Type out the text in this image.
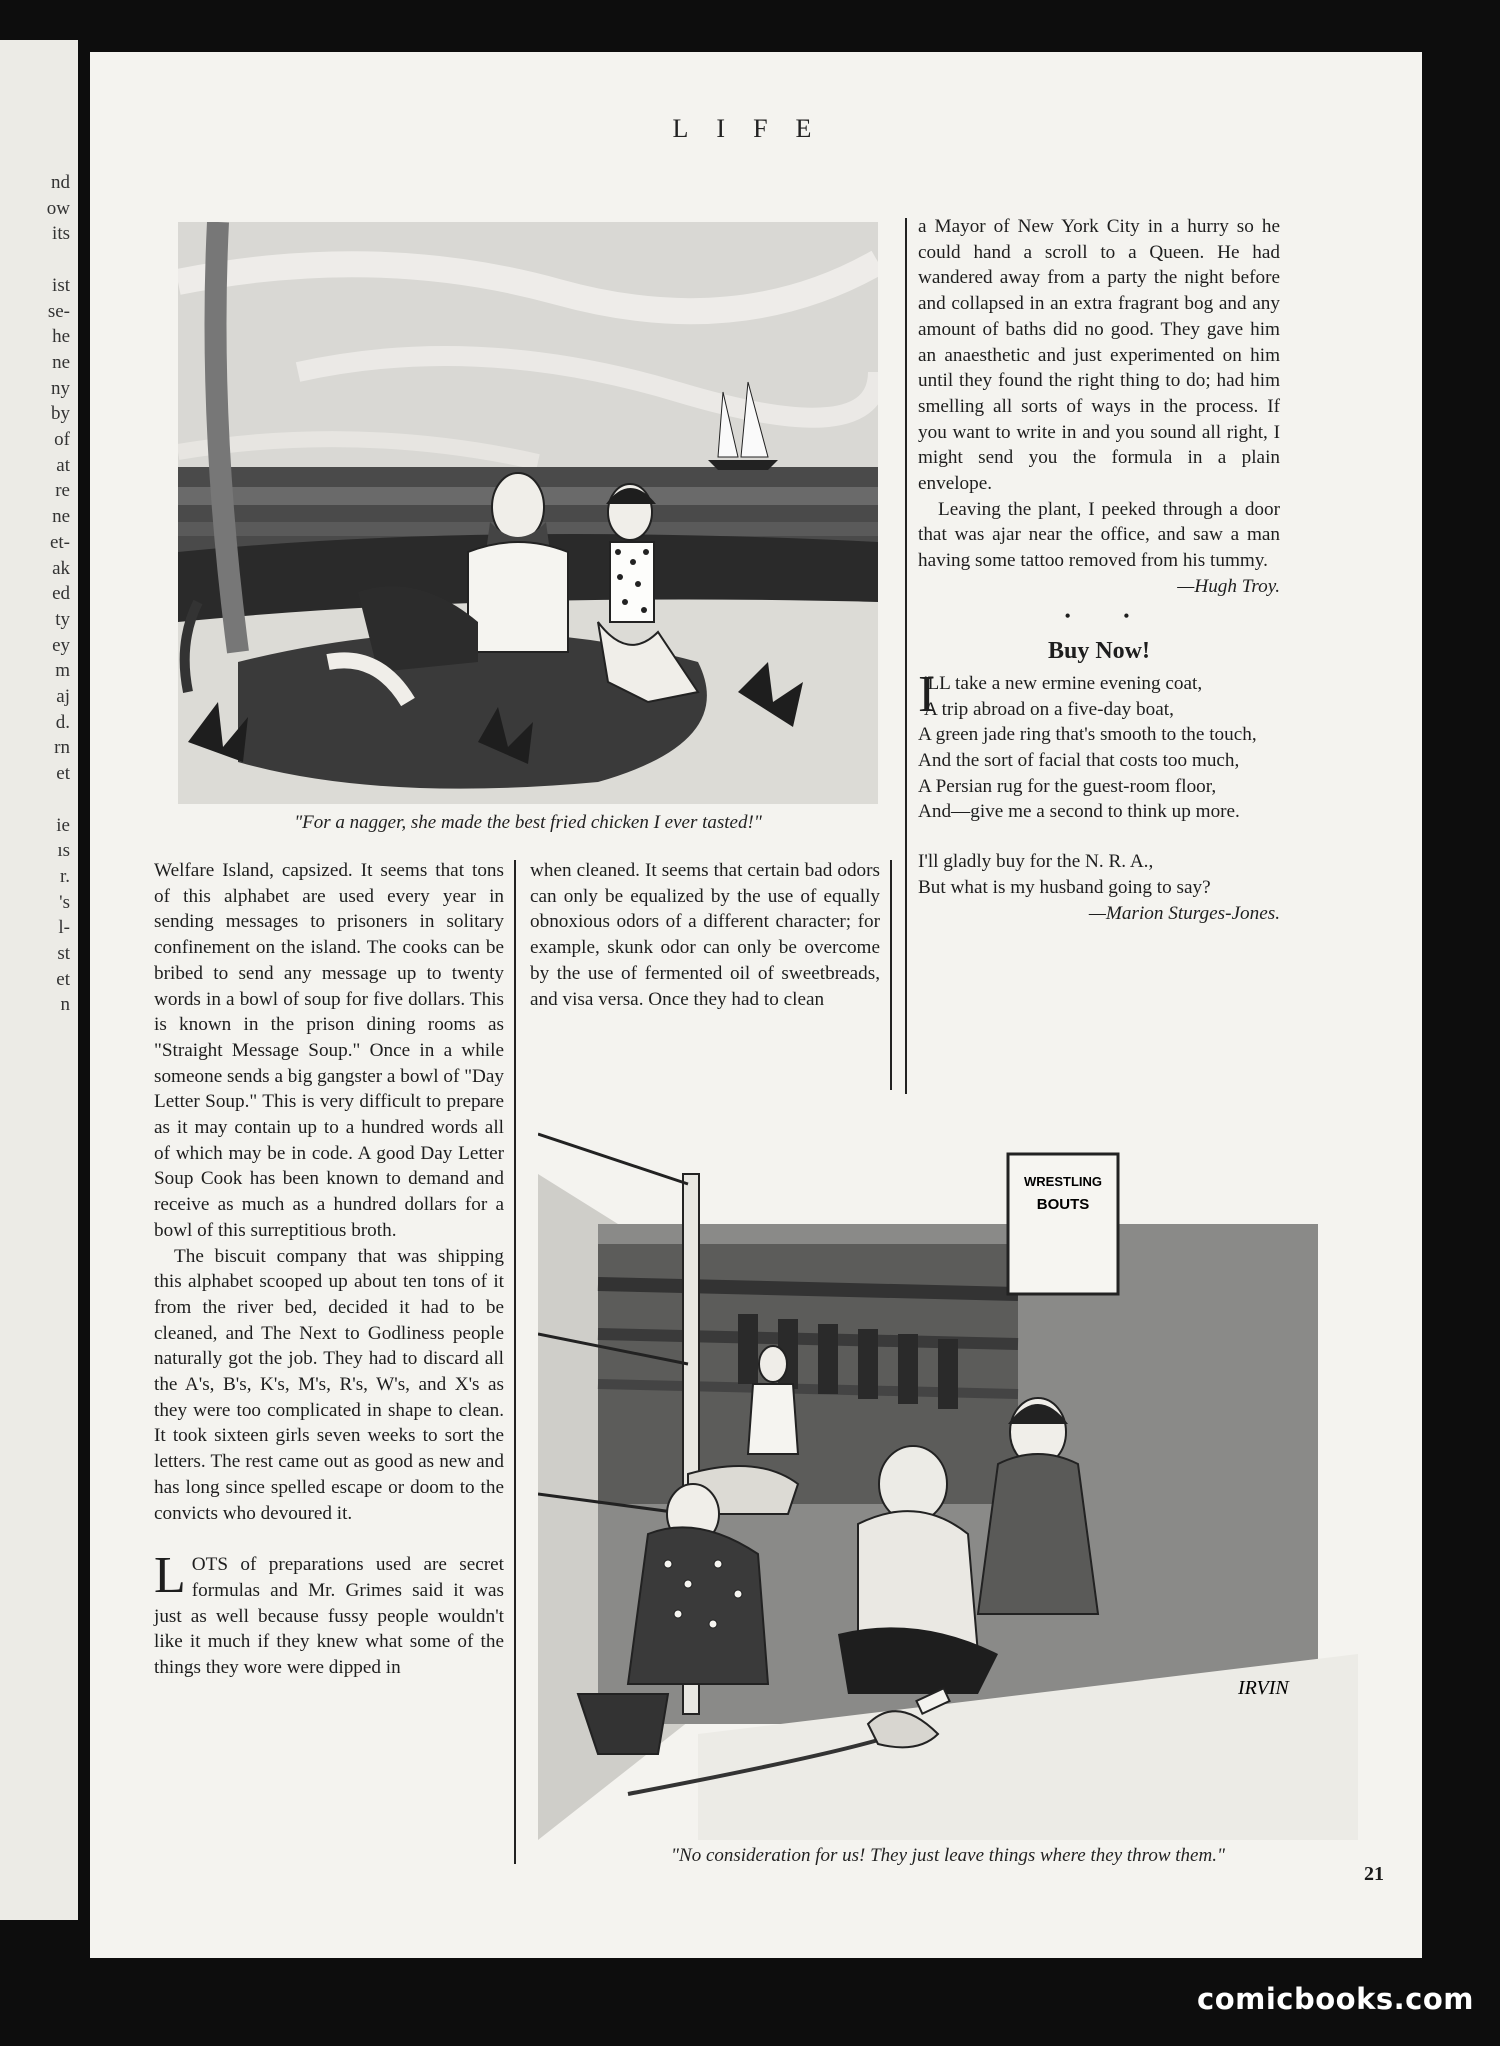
nd
ow
its
ist
se-
he
ne
ny
by
of
at
re
ne
et-
ak
ed
ty
ey
m
aj
d.
rn
et
ie
ıs
r.
's
l-
st
et
n
LIFE
"For a nagger, she made the best fried chicken I ever tasted!"

Welfare Island, capsized. It seems that tons of this alphabet are used every year in sending messages to prisoners in solitary confinement on the island. The cooks can be bribed to send any message up to twenty words in a bowl of soup for five dollars. This is known in the prison dining rooms as "Straight Message Soup." Once in a while someone sends a big gangster a bowl of "Day Letter Soup." This is very difficult to prepare as it may contain up to a hundred words all of which may be in code. A good Day Letter Soup Cook has been known to demand and receive as much as a hundred dollars for a bowl of this surreptitious broth.

The biscuit company that was shipping this alphabet scooped up about ten tons of it from the river bed, decided it had to be cleaned, and The Next to Godliness people naturally got the job. They had to discard all the A's, B's, K's, M's, R's, W's, and X's as they were too complicated in shape to clean. It took sixteen girls seven weeks to sort the letters. The rest came out as good as new and has long since spelled escape or doom to the convicts who devoured it.

L OTS of preparations used are secret formulas and Mr. Grimes said it was just as well because fussy people wouldn't like it much if they knew what some of the things they wore were dipped in

when cleaned. It seems that certain bad odors can only be equalized by the use of equally obnoxious odors of a different character; for example, skunk odor can only be overcome by the use of fermented oil of sweetbreads, and visa versa. Once they had to clean

a Mayor of New York City in a hurry so he could hand a scroll to a Queen. He had wandered away from a party the night before and collapsed in an extra fragrant bog and any amount of baths did no good. They gave him an anaesthetic and just experimented on him until they found the right thing to do; had him smelling all sorts of ways in the process. If you want to write in and you sound all right, I might send you the formula in a plain envelope.

Leaving the plant, I peeked through a door that was ajar near the office, and saw a man having some tattoo removed from his tummy.

—Hugh Troy.

• •
Buy Now!
I
'LL take a new ermine evening coat,
A trip abroad on a five-day boat,
A green jade ring that's smooth to the touch,
And the sort of facial that costs too much,
A Persian rug for the guest-room floor,
And—give me a second to think up more.
I'll gladly buy for the N. R. A.,
But what is my husband going to say?
—Marion Sturges-Jones.
WRESTLING
BOUTS
IRVIN
"No consideration for us! They just leave things where they throw them."
21
comicbooks.com
